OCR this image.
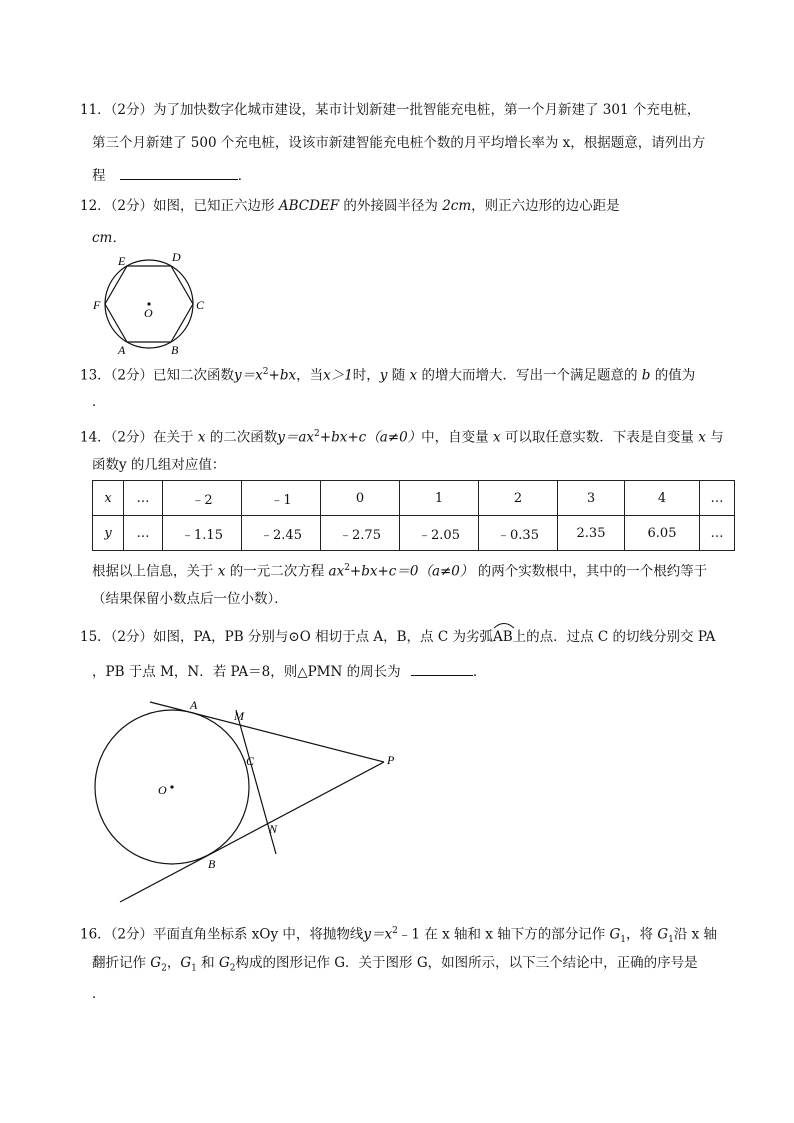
11．（2分）为了加快数字化城市建设，某市计划新建一批智能充电桩，第一个月新建了 301 个充电桩，
第三个月新建了 500 个充电桩，设该市新建智能充电桩个数的月平均增长率为 x，根据题意，请列出方
程	．
12．（2分）如图，已知正六边形 ABCDEF 的外接圆半径为 2cm，则正六边形的边心距是
cm．
E	D
F	C
O
A	B
13．（2分）已知二次函数$y=x^2+bx$，当x＞1时，y 随 x 的增大而增大．写出一个满足题意的 b 的值为
．
14．（2分）在关于 x 的二次函数$y=ax^2+bx+c(a\ne 0)$中，自变量 x 可以取任意实数．下表是自变量 x 与
函数y 的几组对应值：
x	…	﹣2	﹣1	0	1	2	3	4	…
y	…	﹣1.15	﹣2.45	﹣2.75	﹣2.05	﹣0.35	2.35	6.05	…
根据以上信息，关于 x 的一元二次方程 $ax^2+bx+c=0(a\ne 0)$ 的两个实数根中，其中的一个根约等于
（结果保留小数点后一位小数）．
15．（2分）如图，PA，PB 分别与⊙O 相切于点 A，B，点 C 为劣弧
AB上的点．过点 C 的切线分别交 PA
，PB 于点 M，N．若 PA＝8，则△PMN 的周长为	．
A
M
C	P
O
N
B
16．（2分）平面直角坐标系 xOy 中，将抛物线$y=x^2﹣1$ 在 x 轴和 x 轴下方的部分记作 $G_1$，将 $G_1$沿 x 轴
翻折记作 $G_2$，$G_1$ 和 $G_2$构成的图形记作 G．关于图形 G，如图所示，以下三个结论中，正确的序号是
．
